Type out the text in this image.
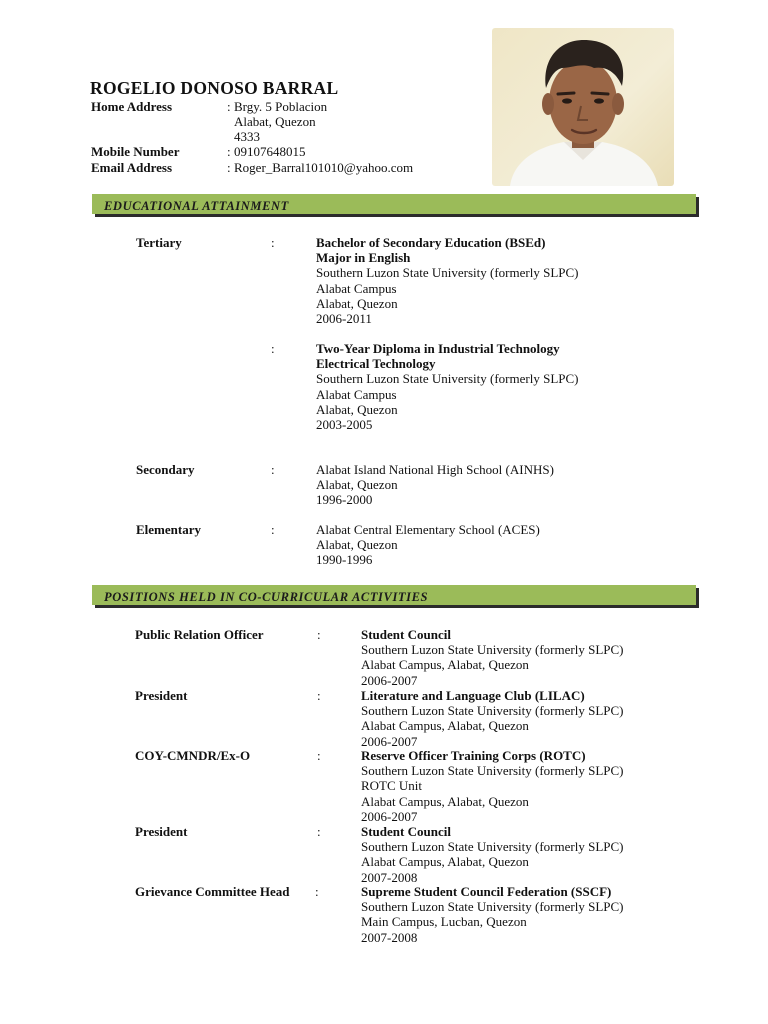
ROGELIO DONOSO BARRAL
Home Address	: Brgy. 5 Poblacion
Alabat, Quezon
4333
Mobile Number	: 09107648015
Email Address	: Roger_Barral101010@yahoo.com
EDUCATIONAL ATTAINMENT
Tertiary	:	Bachelor of Secondary Education (BSEd)
Major in English
Southern Luzon State University (formerly SLPC)
Alabat Campus
Alabat, Quezon
2006-2011
:	Two-Year Diploma in Industrial Technology
Electrical Technology
Southern Luzon State University (formerly SLPC)
Alabat Campus
Alabat, Quezon
2003-2005
Secondary	:	Alabat Island National High School (AINHS)
Alabat, Quezon
1996-2000
Elementary	:	Alabat Central Elementary School (ACES)
Alabat, Quezon
1990-1996
POSITIONS HELD IN CO-CURRICULAR ACTIVITIES
Public Relation Officer	:	Student Council
Southern Luzon State University (formerly SLPC)
Alabat Campus, Alabat, Quezon
2006-2007
President	:	Literature and Language Club (LILAC)
Southern Luzon State University (formerly SLPC)
Alabat Campus, Alabat, Quezon
2006-2007
COY-CMNDR/Ex-O	:	Reserve Officer Training Corps (ROTC)
Southern Luzon State University (formerly SLPC)
ROTC Unit
Alabat Campus, Alabat, Quezon
2006-2007
President	:	Student Council
Southern Luzon State University (formerly SLPC)
Alabat Campus, Alabat, Quezon
2007-2008
Grievance Committee Head :	Supreme Student Council Federation (SSCF)
Southern Luzon State University (formerly SLPC)
Main Campus, Lucban, Quezon
2007-2008
